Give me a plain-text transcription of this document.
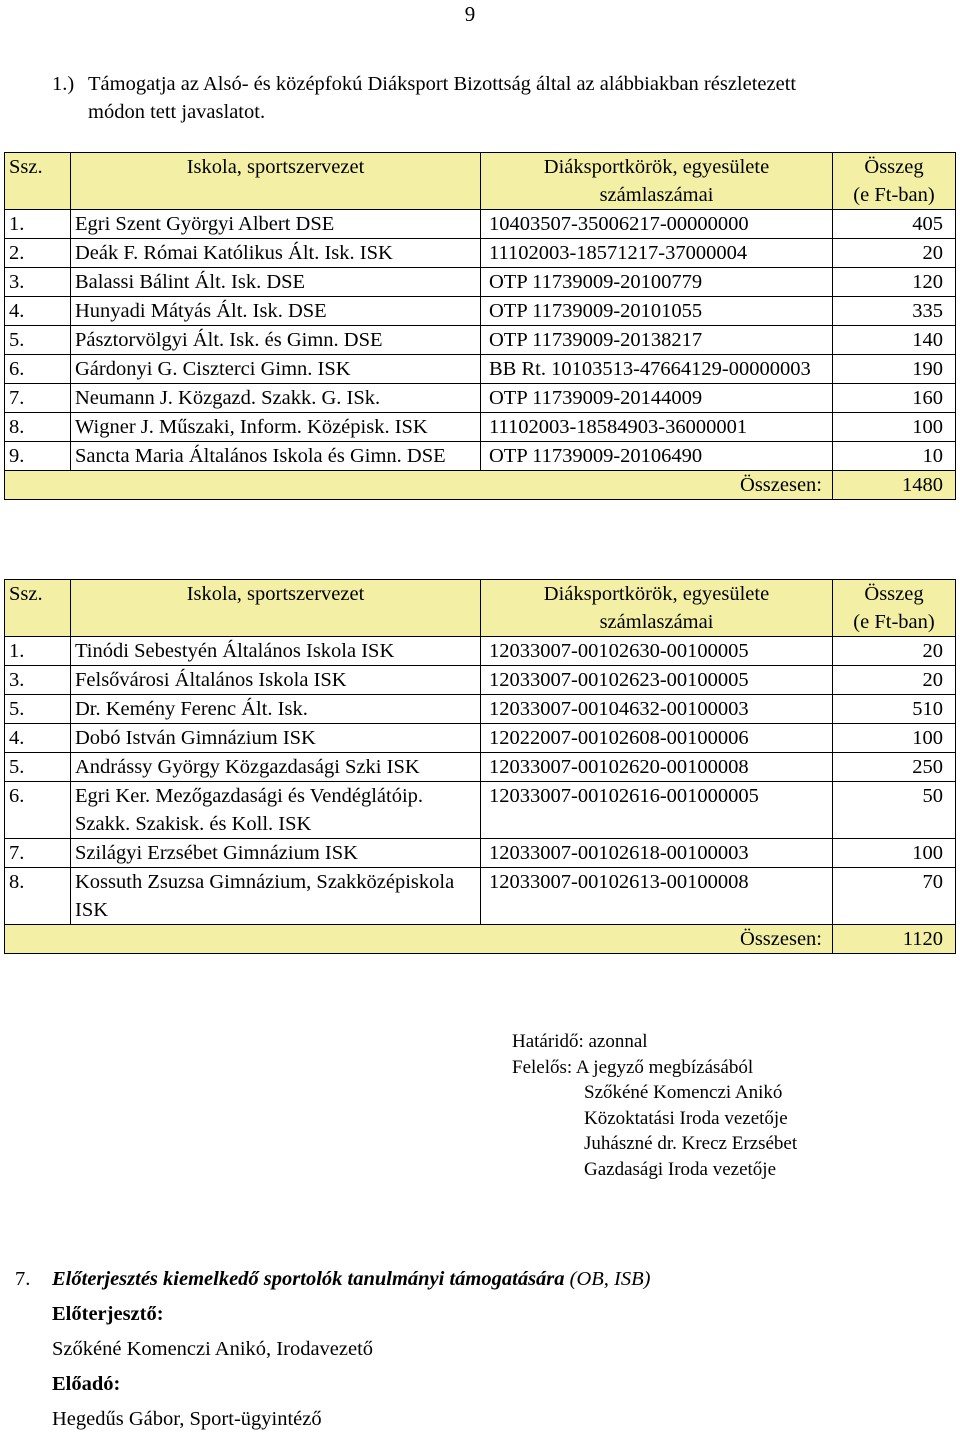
9
1.) Támogatja az Alsó- és középfokú Diáksport Bizottság által az alábbiakban részletezett
módon tett javaslatot.
Ssz.	Iskola, sportszervezet	Diáksportkörök, egyesülete
számlaszámai	Összeg
(e Ft-ban)
1.	Egri Szent Györgyi Albert DSE	10403507-35006217-00000000	405
2.	Deák F. Római Katólikus Ált. Isk. ISK	11102003-18571217-37000004	20
3.	Balassi Bálint Ált. Isk. DSE	OTP 11739009-20100779	120
4.	Hunyadi Mátyás Ált. Isk. DSE	OTP 11739009-20101055	335
5.	Pásztorvölgyi Ált. Isk. és Gimn. DSE	OTP 11739009-20138217	140
6.	Gárdonyi G. Ciszterci Gimn. ISK	BB Rt. 10103513-47664129-00000003	190
7.	Neumann J. Közgazd. Szakk. G. ISk.	OTP 11739009-20144009	160
8.	Wigner J. Műszaki, Inform. Középisk. ISK	11102003-18584903-36000001	100
9.	Sancta Maria Általános Iskola és Gimn. DSE	OTP 11739009-20106490	10
Összesen:			1480
Ssz.	Iskola, sportszervezet	Diáksportkörök, egyesülete
számlaszámai	Összeg
(e Ft-ban)
1.	Tinódi Sebestyén Általános Iskola ISK	12033007-00102630-00100005	20
3.	Felsővárosi Általános Iskola ISK	12033007-00102623-00100005	20
5.	Dr. Kemény Ferenc Ált. Isk.	12033007-00104632-00100003	510
4.	Dobó István Gimnázium ISK	12022007-00102608-00100006	100
5.	Andrássy György Közgazdasági Szki ISK	12033007-00102620-00100008	250
6.	Egri Ker. Mezőgazdasági és Vendéglátóip. Szakk. Szakisk. és Koll. ISK	12033007-00102616-001000005	50
7.	Szilágyi Erzsébet Gimnázium ISK	12033007-00102618-00100003	100
8.	Kossuth Zsuzsa Gimnázium, Szakközépiskola ISK	12033007-00102613-00100008	70
Összesen:			1120
Határidő: azonnal
Felelős: A jegyző megbízásából
Szőkéné Komenczi Anikó
Közoktatási Iroda vezetője
Juhászné dr. Krecz Erzsébet
Gazdasági Iroda vezetője
7. Előterjesztés kiemelkedő sportolók tanulmányi támogatására (OB, ISB)
Előterjesztő:
Szőkéné Komenczi Anikó, Irodavezető
Előadó:
Hegedűs Gábor, Sport-ügyintéző
